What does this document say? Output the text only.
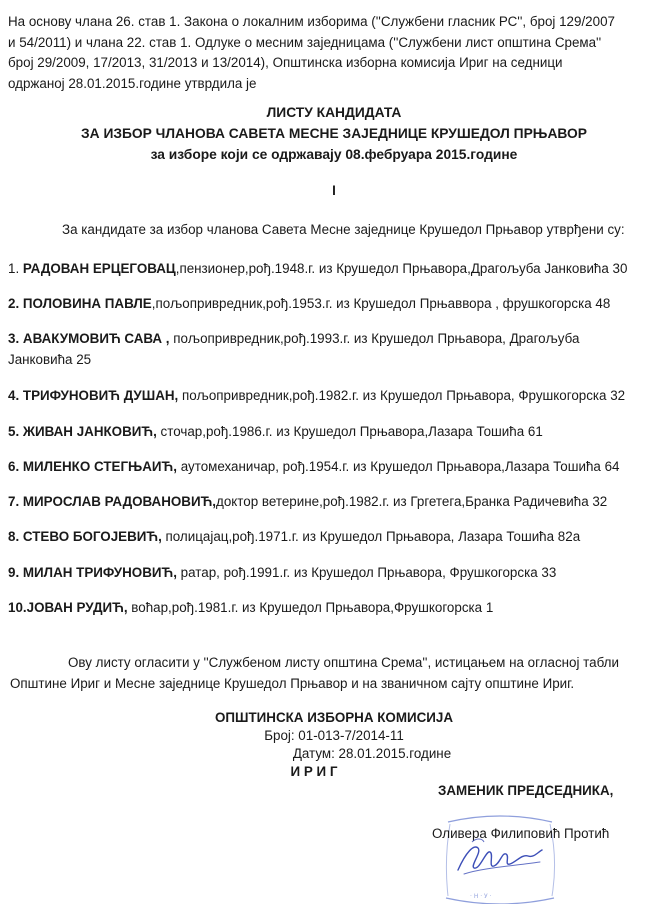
На основу члана 26. став 1. Закона о локалним изборима (''Службени гласник РС'', број 129/2007
и 54/2011) и члана 22. став 1. Одлуке о месним заједницама (''Службени лист општина Срема''
број 29/2009, 17/2013, 31/2013 и 13/2014), Општинска изборна комисија Ириг на седници
одржаној 28.01.2015.године утврдила је
ЛИСТУ КАНДИДАТА
ЗА ИЗБОР ЧЛАНОВА САВЕТА МЕСНЕ ЗАЈЕДНИЦЕ КРУШЕДОЛ ПРЊАВОР
за изборе који се одржавају 08.фебруара 2015.године
I
За кандидате за избор чланова Савета Месне заједнице Крушедол Прњавор утврђени су:
1. РАДОВАН ЕРЦЕГОВАЦ,пензионер,рођ.1948.г. из Крушедол Прњавора,Драгољуба Јанковића 30
2. ПОЛОВИНА ПАВЛЕ,пољопривредник,рођ.1953.г. из Крушедол Прњаввора , фрушкогорска 48
3. АВАКУМОВИЋ САВА , пољопривредник,рођ.1993.г. из Крушедол Прњавора, Драгољуба
Јанковића 25
4. ТРИФУНОВИЋ ДУШАН, пољопривредник,рођ.1982.г. из Крушедол Прњавора, Фрушкогорска 32
5. ЖИВАН ЈАНКОВИЋ, сточар,рођ.1986.г. из Крушедол Прњавора,Лазара Тошића 61
6. МИЛЕНКО СТЕГЊАИЋ, аутомеханичар, рођ.1954.г. из Крушедол Прњавора,Лазара Тошића 64
7. МИРОСЛАВ РАДОВАНОВИЋ,доктор ветерине,рођ.1982.г. из Гргетега,Бранка Радичевића 32
8. СТЕВО БОГОЈЕВИЋ, полицајац,рођ.1971.г. из Крушедол Прњавора, Лазара Тошића 82а
9. МИЛАН ТРИФУНОВИЋ, ратар, рођ.1991.г. из Крушедол Прњавора, Фрушкогорска 33
10.ЈОВАН РУДИЋ, воћар,рођ.1981.г. из Крушедол Прњавора,Фрушкогорска 1
Ову листу огласити у ''Службеном листу општина Срема'', истицањем на огласној табли
Општине Ириг и Месне заједнице Крушедол Прњавор и на званичном сајту општине Ириг.
ОПШТИНСКА ИЗБОРНА КОМИСИЈА
Број: 01-013-7/2014-11
Датум: 28.01.2015.године
И Р И Г
ЗАМЕНИК ПРЕДСЕДНИКА,
· Н · У ·
Оливера Филиповић Протић
